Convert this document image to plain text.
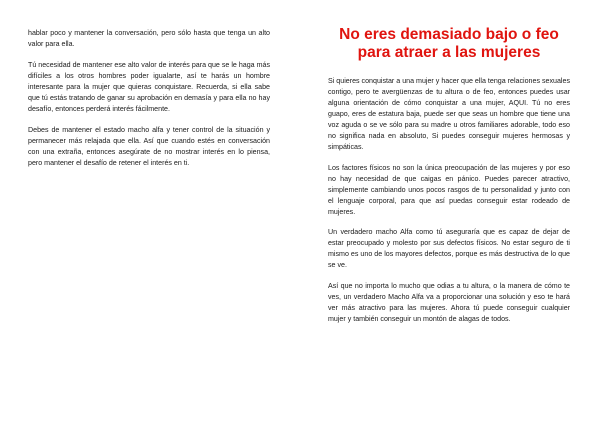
hablar poco y mantener la conversación, pero sólo hasta que tenga un alto valor para ella.

Tú necesidad de mantener ese alto valor de interés para que se le haga más difíciles a los otros hombres poder igualarte, así te harás un hombre interesante para la mujer que quieras conquistare. Recuerda, si ella sabe que tú estás tratando de ganar su aprobación en demasía y para ella no hay desafío, entonces perderá interés fácilmente.

Debes de mantener el estado macho alfa y tener control de la situación y permanecer más relajada que ella. Así que cuando estés en conversación con una extraña, entonces asegúrate de no mostrar interés en lo piensa, pero mantener el desafío de retener el interés en ti.

No eres demasiado bajo o feo para atraer a las mujeres

Si quieres conquistar a una mujer y hacer que ella tenga relaciones sexuales contigo, pero te avergüenzas de tu altura o de feo, entonces puedes usar alguna orientación de cómo conquistar a una mujer, AQUI. Tú no eres guapo, eres de estatura baja, puede ser que seas un hombre que tiene una voz aguda o se ve sólo para su madre u otros familiares adorable, todo eso no significa nada en absoluto, Si puedes conseguir mujeres hermosas y simpáticas.

Los factores físicos no son la única preocupación de las mujeres y por eso no hay necesidad de que caigas en pánico. Puedes parecer atractivo, simplemente cambiando unos pocos rasgos de tu personalidad y junto con el lenguaje corporal, para que así puedas conseguir estar rodeado de mujeres.

Un verdadero macho Alfa como tú aseguraría que es capaz de dejar de estar preocupado y molesto por sus defectos físicos. No estar seguro de ti mismo es uno de los mayores defectos, porque es más destructiva de lo que se ve.

Así que no importa lo mucho que odias a tu altura, o la manera de cómo te ves, un verdadero Macho Alfa va a proporcionar una solución y eso te hará ver más atractivo para las mujeres. Ahora tú puede conseguir cualquier mujer y también conseguir un montón de alagas de todos.
